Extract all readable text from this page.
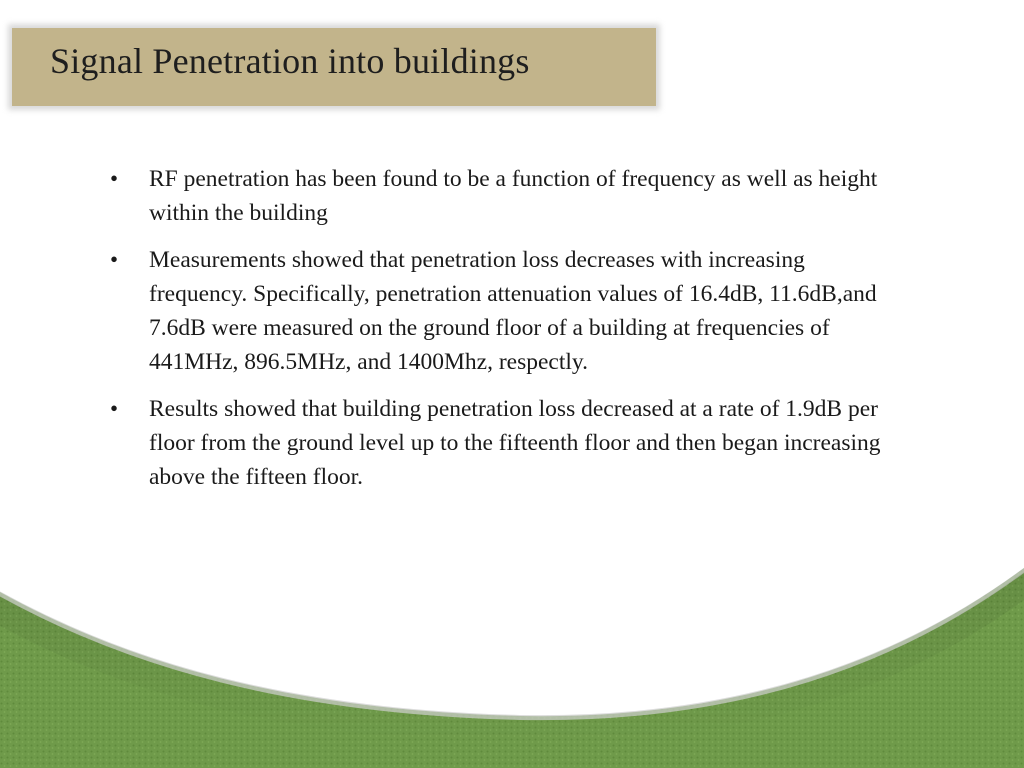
Signal Penetration into buildings
• RF penetration has been found to be a function of frequency as well as height within the building
• Measurements showed that penetration loss decreases with increasing frequency. Specifically, penetration attenuation values of 16.4dB, 11.6dB,and 7.6dB were measured on the ground floor of a building at frequencies of 441MHz, 896.5MHz, and 1400Mhz, respectly.
• Results showed that building penetration loss decreased at a rate of 1.9dB per floor from the ground level up to the fifteenth floor and then began increasing above the fifteen floor.
